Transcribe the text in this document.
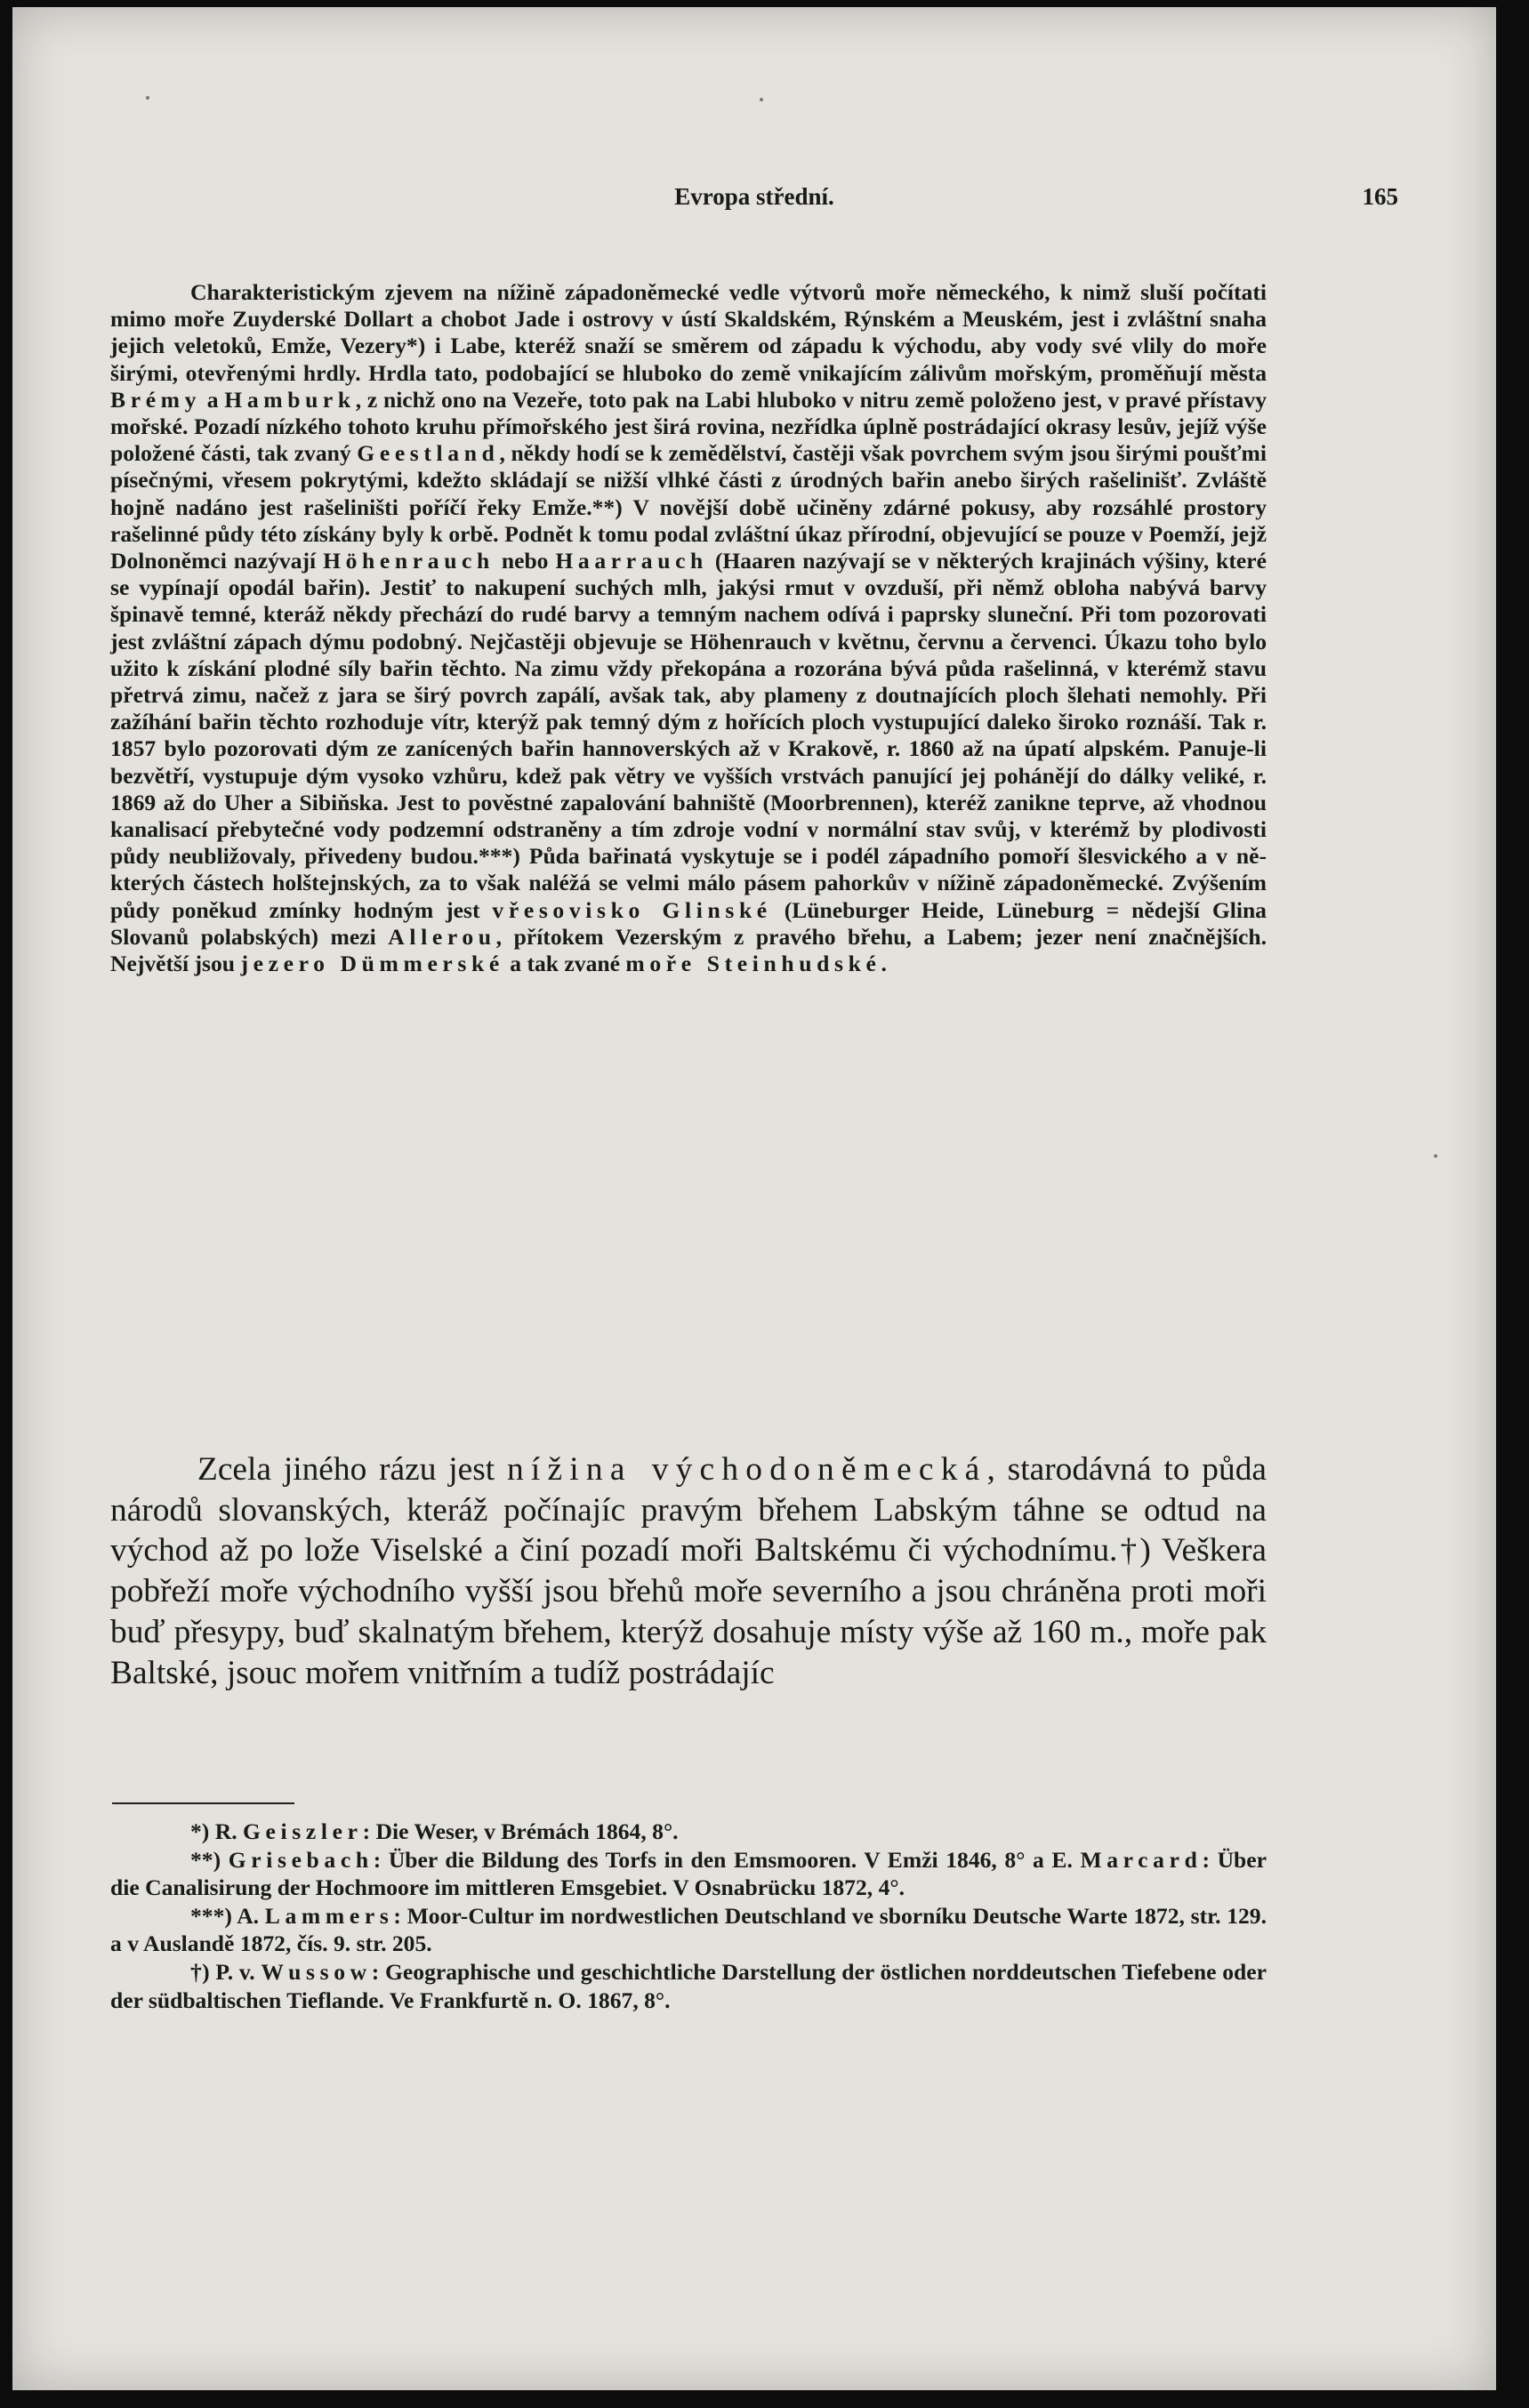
Evropa střední.	165

Charakteristickým zjevem na nížině západoněmecké vedle výtvorů moře německého, k nimž sluší počítati mimo moře Zuyderské Dollart a chobot Jade i ostrovy v ústí Skaldském, Rýnském a Meuském, jest i zvláštní snaha jejich veletoků, Emže, Vezery*) i Labe, kteréž snaží se směrem od západu k východu, aby vody své vlily do moře širými, otevřenými hrdly. Hrdla tato, podobající se hluboko do země vnikajícím zálivům mořským, proměňují města Brémy a Hamburk, z nichž ono na Vezeře, toto pak na Labi hluboko v nitru země položeno jest, v pravé přístavy mořské. Pozadí nízkého tohoto kruhu přímořského jest širá rovina, nezřídka úplně postrádající okrasy lesův, jejíž výše položené části, tak zvaný Geestland, někdy hodí se k zemědělství, častěji však povrchem svým jsou širými poušťmi písečnými, vřesem pokrytými, kdežto skládají se nižší vlhké části z úrodných bařin anebo širých rašelinišť. Zvláště hojně nadáno jest rašeliništi poříčí řeky Emže.**) V novější době učiněny zdárné pokusy, aby rozsáhlé prostory rašelinné půdy této získány byly k orbě. Podnět k tomu podal zvláštní úkaz přírodní, objevující se pouze v Poemží, jejž Dolnoněmci nazývají Höhenrauch nebo Haarrauch (Haaren nazývají se v některých krajinách výšiny, které se vypínají opodál bařin). Jestiť to nakupení suchých mlh, jakýsi rmut v ovzduší, při němž obloha nabývá barvy špinavě temné, kteráž někdy přechází do rudé barvy a temným nachem odívá i paprsky sluneční. Při tom pozorovati jest zvláštní zápach dýmu podobný. Nejčastěji objevuje se Höhenrauch v květnu, červnu a červenci. Úkazu toho bylo užito k získání plodné síly bařin těchto. Na zimu vždy překopána a rozorána bývá půda rašelinná, v kterémž stavu přetrvá zimu, načež z jara se širý povrch zapálí, avšak tak, aby plameny z doutnajících ploch šlehati nemohly. Při zažíhání bařin těchto rozhoduje vítr, kterýž pak temný dým z hořících ploch vystupující daleko široko roznáší. Tak r. 1857 bylo pozorovati dým ze zanícených bařin hannoverských až v Krakově, r. 1860 až na úpatí alpském. Panuje-li bezvětří, vystupuje dým vysoko vzhůru, kdež pak větry ve vyšších vrstvách panující jej pohánějí do dálky veliké, r. 1869 až do Uher a Sibiňska. Jest to pověstné zapalování bahniště (Moorbrennen), kteréž zanikne teprve, až vhodnou kanalisací přebytečné vody podzemní odstraněny a tím zdroje vodní v normální stav svůj, v kterémž by plodivosti půdy neubližovaly, přivedeny budou.***) Půda bařinatá vyskytuje se i podél západního pomoří šlesvického a v některých částech holštejnských, za to však naléžá se velmi málo pásem pahorkův v nížině západoněmecké. Zvýšením půdy poněkud zmínky hodným jest vřesovisko Glinské (Lüneburger Heide, Lüneburg = nědejší Glina Slovanů polabských) mezi Allerou, přítokem Vezerským z pravého břehu, a Labem; jezer není značnějších. Největší jsou jezero Dümmerské a tak zvané moře Steinhudské.

Zcela jiného rázu jest nížina východoněmecká, starodávná to půda národů slovanských, kteráž počínajíc pravým břehem Labským táhne se odtud na východ až po lože Viselské a činí pozadí moři Baltskému či východnímu.†) Veškera pobřeží moře východního vyšší jsou břehů moře severního a jsou chráněna proti moři buď přesypy, buď skalnatým břehem, kterýž dosahuje místy výše až 160 m., moře pak Baltské, jsouc mořem vnitřním a tudíž postrádajíc

*) R. Geiszler: Die Weser, v Brémách 1864, 8°.

**) Grisebach: Über die Bildung des Torfs in den Emsmooren. V Emži 1846, 8° a E. Marcard: Über die Canalisirung der Hochmoore im mittleren Emsgebiet. V Osnabrücku 1872, 4°.

***) A. Lammers: Moor-Cultur im nordwestlichen Deutschland ve sborníku Deutsche Warte 1872, str. 129. a v Auslandě 1872, čís. 9. str. 205.

†) P. v. Wussow: Geographische und geschichtliche Darstellung der östlichen norddeutschen Tiefebene oder der südbaltischen Tieflande. Ve Frankfurtě n. O. 1867, 8°.
